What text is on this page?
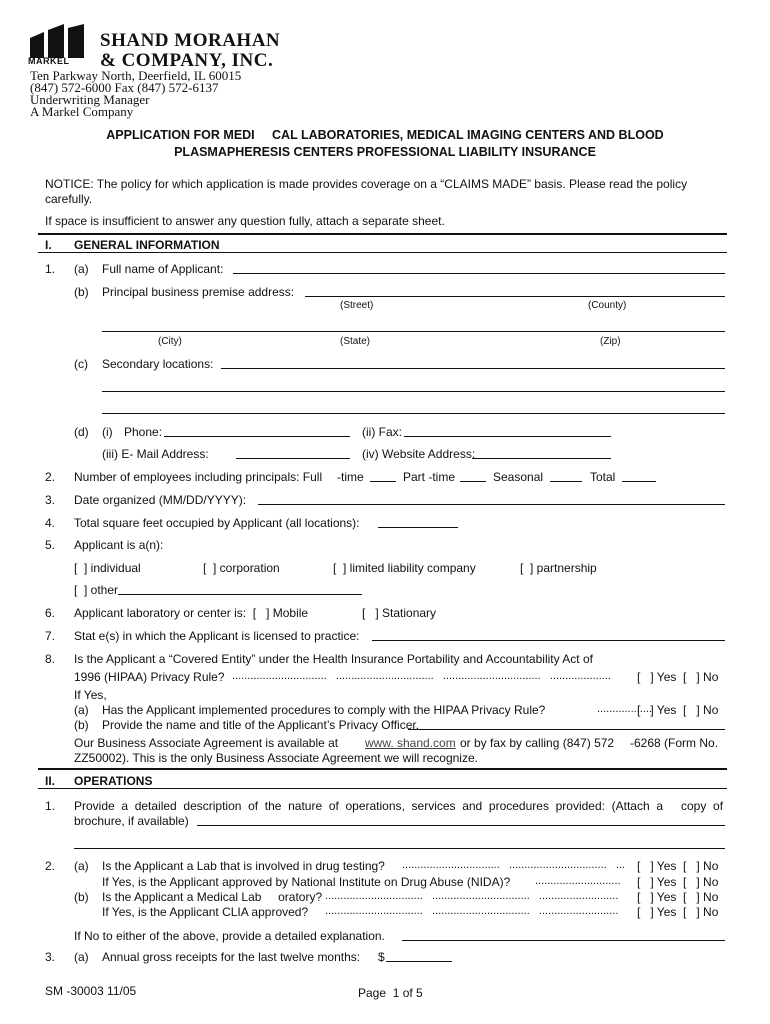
MARKEL
SHAND MORAHAN
& COMPANY, INC.
Ten Parkway North, Deerfield, IL 60015
(847) 572-6000 Fax (847) 572-6137
Underwriting Manager
A Markel Company
APPLICATION FOR MEDI     CAL LABORATORIES, MEDICAL IMAGING CENTERS AND BLOOD
PLASMAPHERESIS CENTERS PROFESSIONAL LIABILITY INSURANCE
NOTICE: The policy for which application is made provides coverage on a “CLAIMS MADE” basis. Please read the policy
carefully.
If space is insufficient to answer any question fully, attach a separate sheet.
I. GENERAL INFORMATION
1. (a) Full name of Applicant:
(b) Principal business premise address:
(Street)	(County)
(City)	(State)	(Zip)
(c) Secondary locations:
(d) (i) Phone:	(ii) Fax:
(iii) E- Mail Address:	(iv) Website Address:
2. Number of employees including principals: Full -time	Part -time	Seasonal	Total
3. Date organized (MM/DD/YYYY):
4. Total square feet occupied by Applicant (all locations):
5. Applicant is a(n):
[  ] individual	[  ] corporation	[  ] limited liability company	[  ] partnership
[  ] other
6. Applicant laboratory or center is:  [   ] Mobile	[   ] Stationary
7. Stat e(s) in which the Applicant is licensed to practice:
8. Is the Applicant a “Covered Entity” under the Health Insurance Portability and Accountability Act of
1996 (HIPAA) Privacy Rule? ...............................   ................................   ................................   .................... [   ] Yes  [   ] No
If Yes,
(a) Has the Applicant implemented procedures to comply with the HIPAA Privacy Rule?	..................
[   ] Yes  [   ] No
(b) Provide the name and title of the Applicant’s Privacy Officer.
Our Business Associate Agreement is available at www. shand.com or by fax by calling (847) 572 -6268 (Form No.
ZZ50002). This is the only Business Associate Agreement we will recognize.
II. OPERATIONS
1. Provide  a  detailed  description  of  the  nature  of  operations,  services  and  procedures  provided:  (Attach  a copy  of
brochure, if available)
2. (a) Is the Applicant a Lab that is involved in drug testing? ................................   ................................   ... [   ] Yes  [   ] No
If Yes, is the Applicant approved by National Institute on Drug Abuse (NIDA)? ............................ [   ] Yes  [   ] No
(b) Is the Applicant a Medical Lab     oratory? ................................   ................................   .......................... [   ] Yes  [   ] No
If Yes, is the Applicant CLIA approved? ................................   ................................   .......................... [   ] Yes  [   ] No
If No to either of the above, provide a detailed explanation.
3. (a) Annual gross receipts for the last twelve months: $
SM -30003 11/05	Page  1 of 5
